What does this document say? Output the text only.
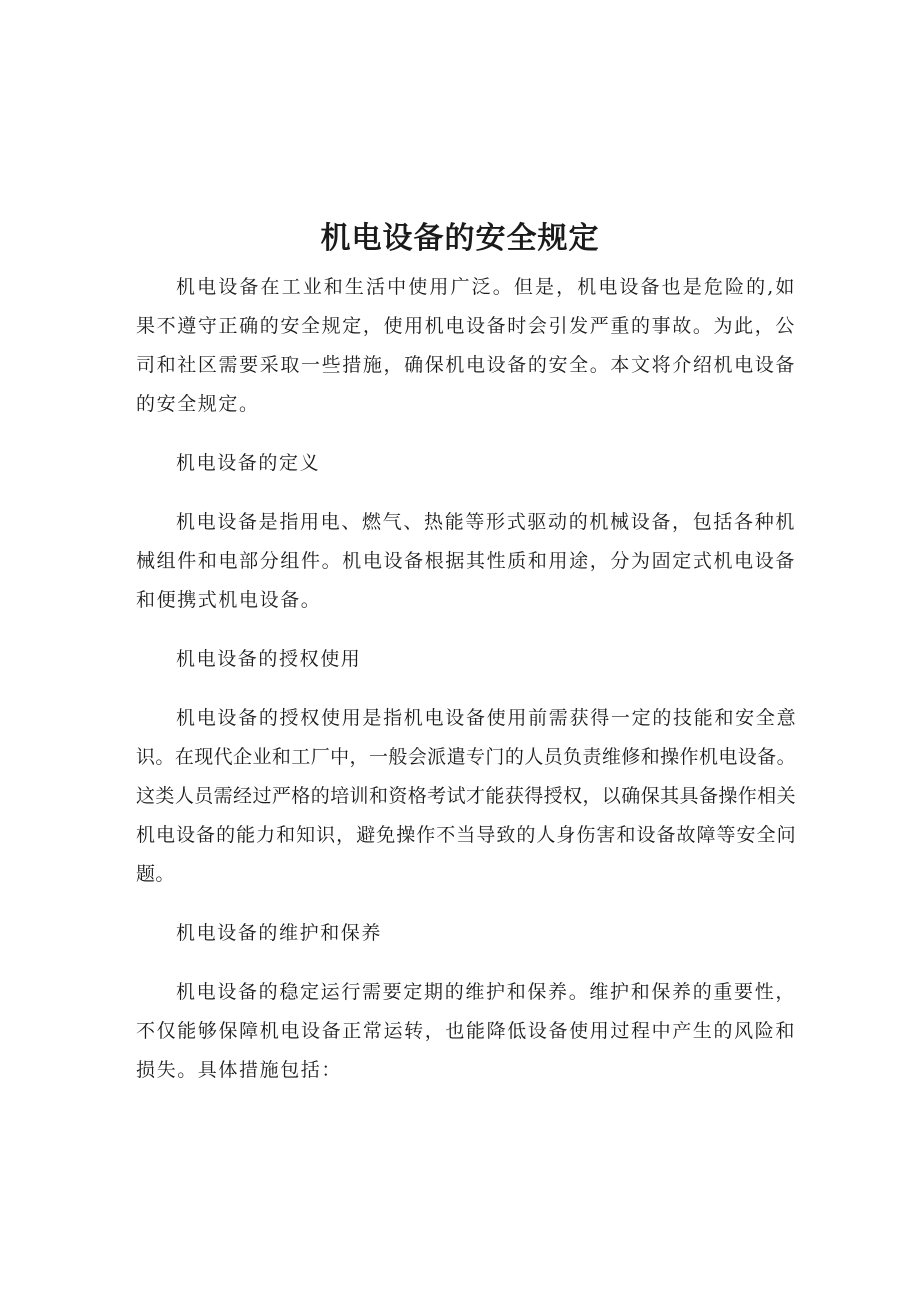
机电设备的安全规定

机电设备在工业和生活中使用广泛。但是，机电设备也是危险的,如果不遵守正确的安全规定，使用机电设备时会引发严重的事故。为此，公司和社区需要采取一些措施，确保机电设备的安全。本文将介绍机电设备的安全规定。

机电设备的定义

机电设备是指用电、燃气、热能等形式驱动的机械设备，包括各种机械组件和电部分组件。机电设备根据其性质和用途，分为固定式机电设备和便携式机电设备。

机电设备的授权使用

机电设备的授权使用是指机电设备使用前需获得一定的技能和安全意识。在现代企业和工厂中，一般会派遣专门的人员负责维修和操作机电设备。这类人员需经过严格的培训和资格考试才能获得授权，以确保其具备操作相关机电设备的能力和知识，避免操作不当导致的人身伤害和设备故障等安全问题。

机电设备的维护和保养

机电设备的稳定运行需要定期的维护和保养。维护和保养的重要性，不仅能够保障机电设备正常运转，也能降低设备使用过程中产生的风险和损失。具体措施包括：
